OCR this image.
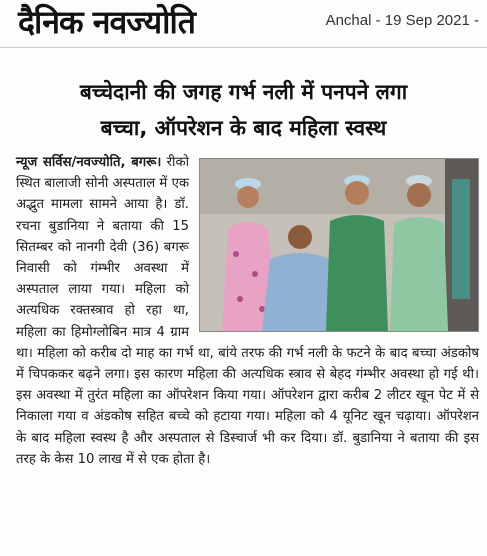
दैनिक नवज्योति	Anchal - 19 Sep 2021 -
बच्चेदानी की जगह गर्भ नली में पनपने लगा
बच्चा, ऑपरेशन के बाद महिला स्वस्थ
न्यूज सर्विस/नवज्योति, बगरू। रीको स्थित बालाजी सोनी अस्पताल में एक अद्भुत मामला सामने आया है। डॉ. रचना बुडानिया ने बताया की 15 सितम्बर को नानगी देवी (36) बगरू निवासी को गंम्भीर अवस्था में अस्पताल लाया गया। महिला को अत्यधिक रक्तस्त्राव हो रहा था, महिला का हिमोग्लोबिन मात्र 4 ग्राम था। महिला को करीब दो माह का गर्भ था, बांये तरफ की गर्भ नली के फटने के बाद बच्चा अंडकोष में चिपककर बढ़ने लगा। इस कारण महिला की अत्यधिक स्त्राव से बेहद गंम्भीर अवस्था हो गई थी। इस अवस्था में तुरंत महिला का ऑपरेशन किया गया। ऑपरेशन द्वारा करीब 2 लीटर खून पेट में से निकाला गया व अंडकोष सहित बच्चे को हटाया गया। महिला को 4 यूनिट खून चढ़ाया। ऑपरेशन के बाद महिला स्वस्थ है और अस्पताल से डिस्चार्ज भी कर दिया। डॉ. बुडानिया ने बताया की इस तरह के केस 10 लाख में से एक होता है।
